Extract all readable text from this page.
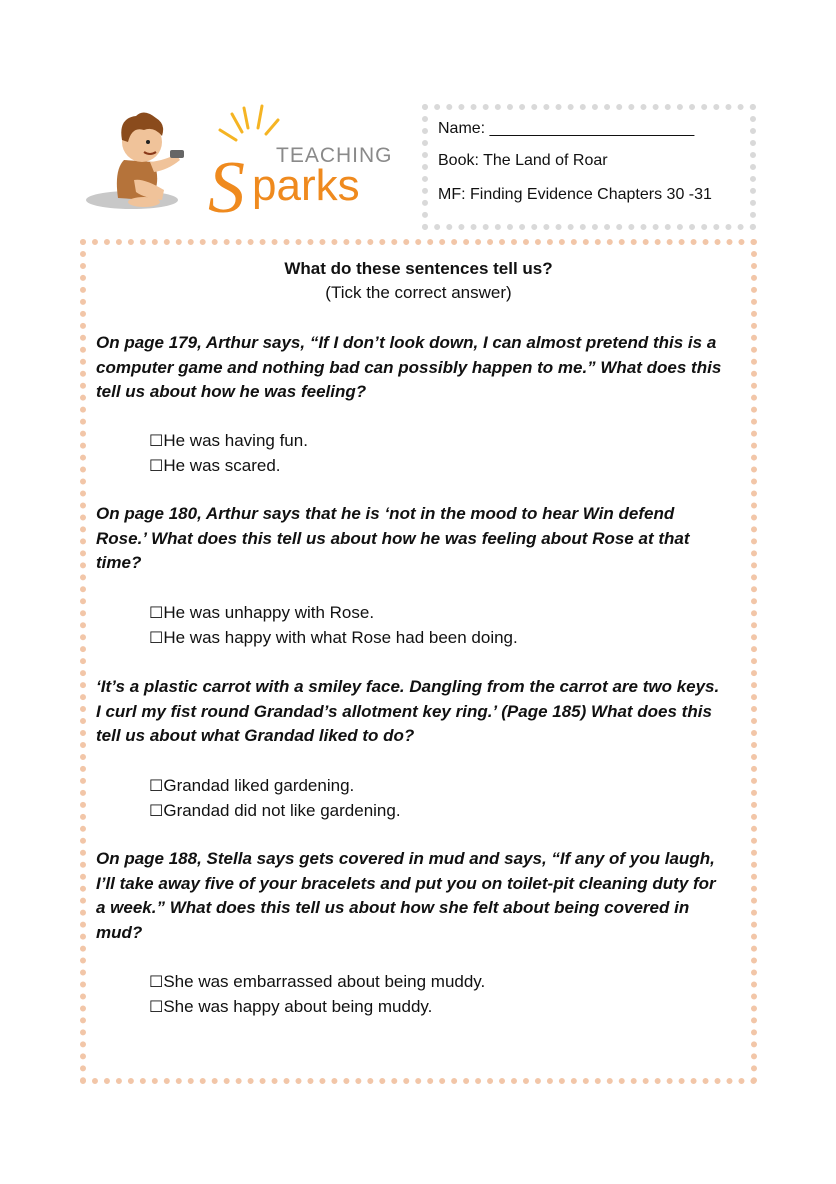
S parks
TEACHING
Name: _______________________
Book: The Land of Roar
MF: Finding Evidence Chapters 30 -31
What do these sentences tell us?
(Tick the correct answer)
On page 179, Arthur says, “If I don’t look down, I can almost pretend this is a
computer game and nothing bad can possibly happen to me.” What does this
tell us about how he was feeling?
☐He was having fun.
☐He was scared.
On page 180, Arthur says that he is ‘not in the mood to hear Win defend
Rose.’ What does this tell us about how he was feeling about Rose at that
time?
☐He was unhappy with Rose.
☐He was happy with what Rose had been doing.
‘It’s a plastic carrot with a smiley face. Dangling from the carrot are two keys.
I curl my fist round Grandad’s allotment key ring.’ (Page 185) What does this
tell us about what Grandad liked to do?
☐Grandad liked gardening.
☐Grandad did not like gardening.
On page 188, Stella says gets covered in mud and says, “If any of you laugh,
I’ll take away five of your bracelets and put you on toilet-pit cleaning duty for
a week.” What does this tell us about how she felt about being covered in
mud?
☐She was embarrassed about being muddy.
☐She was happy about being muddy.
